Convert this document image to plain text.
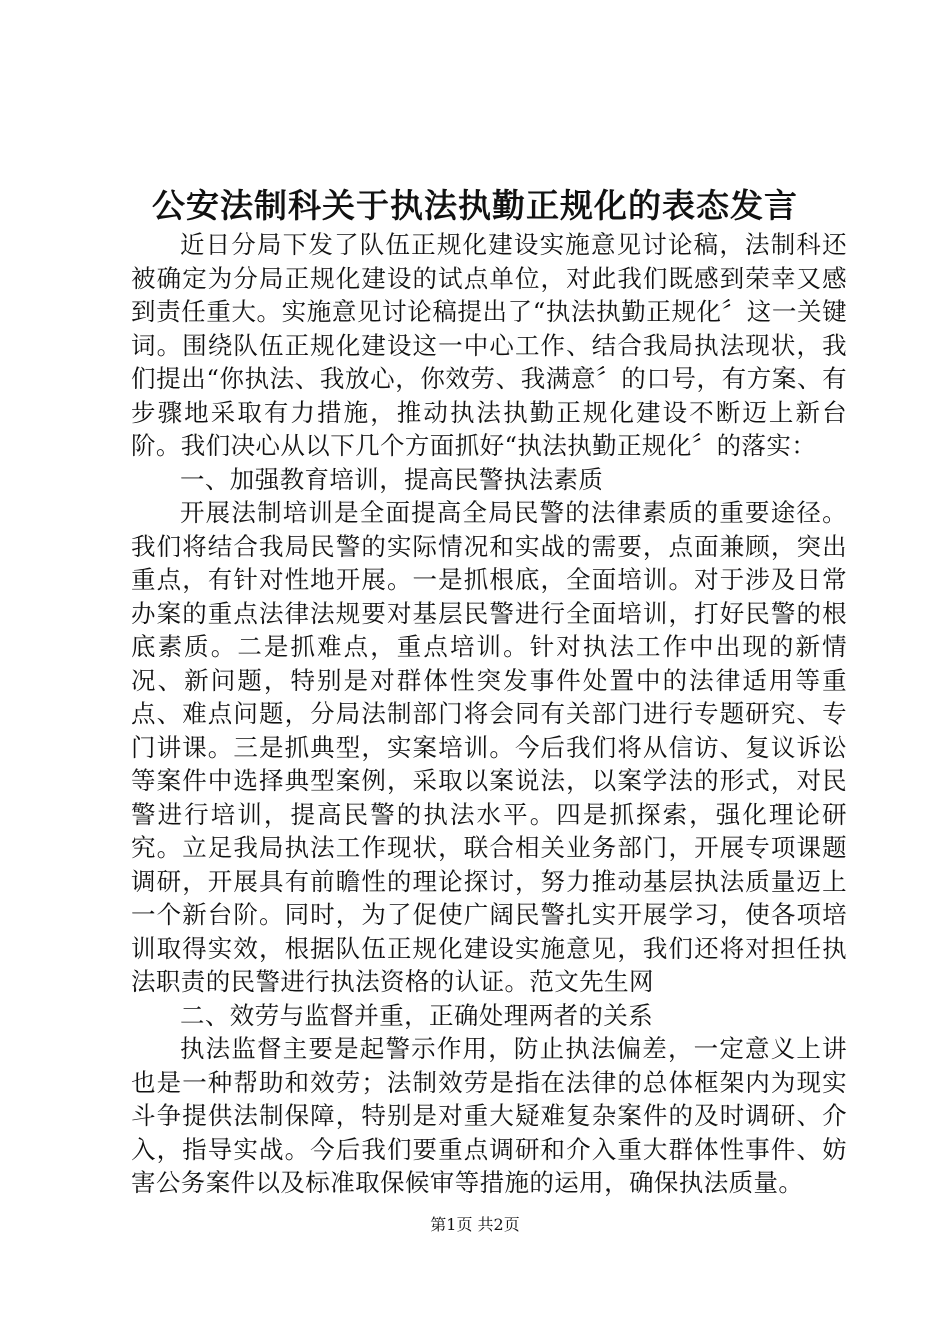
公安法制科关于执法执勤正规化的表态发言

近日分局下发了队伍正规化建设实施意见讨论稿，法制科还被确定为分局正规化建设的试点单位，对此我们既感到荣幸又感到责任重大。实施意见讨论稿提出了“执法执勤正规化〞这一关键词。围绕队伍正规化建设这一中心工作、结合我局执法现状，我们提出“你执法、我放心，你效劳、我满意〞的口号，有方案、有步骤地采取有力措施，推动执法执勤正规化建设不断迈上新台阶。我们决心从以下几个方面抓好“执法执勤正规化〞的落实：

一、加强教育培训，提高民警执法素质

开展法制培训是全面提高全局民警的法律素质的重要途径。我们将结合我局民警的实际情况和实战的需要，点面兼顾，突出重点，有针对性地开展。一是抓根底，全面培训。对于涉及日常办案的重点法律法规要对基层民警进行全面培训，打好民警的根底素质。二是抓难点，重点培训。针对执法工作中出现的新情况、新问题，特别是对群体性突发事件处置中的法律适用等重点、难点问题，分局法制部门将会同有关部门进行专题研究、专门讲课。三是抓典型，实案培训。今后我们将从信访、复议诉讼等案件中选择典型案例，采取以案说法，以案学法的形式，对民警进行培训，提高民警的执法水平。四是抓探索，强化理论研究。立足我局执法工作现状，联合相关业务部门，开展专项课题调研，开展具有前瞻性的理论探讨，努力推动基层执法质量迈上一个新台阶。同时，为了促使广阔民警扎实开展学习，使各项培训取得实效，根据队伍正规化建设实施意见，我们还将对担任执法职责的民警进行执法资格的认证。范文先生网

二、效劳与监督并重，正确处理两者的关系

执法监督主要是起警示作用，防止执法偏差，一定意义上讲也是一种帮助和效劳；法制效劳是指在法律的总体框架内为现实斗争提供法制保障，特别是对重大疑难复杂案件的及时调研、介入，指导实战。今后我们要重点调研和介入重大群体性事件、妨害公务案件以及标准取保候审等措施的运用，确保执法质量。

第1页 共2页
